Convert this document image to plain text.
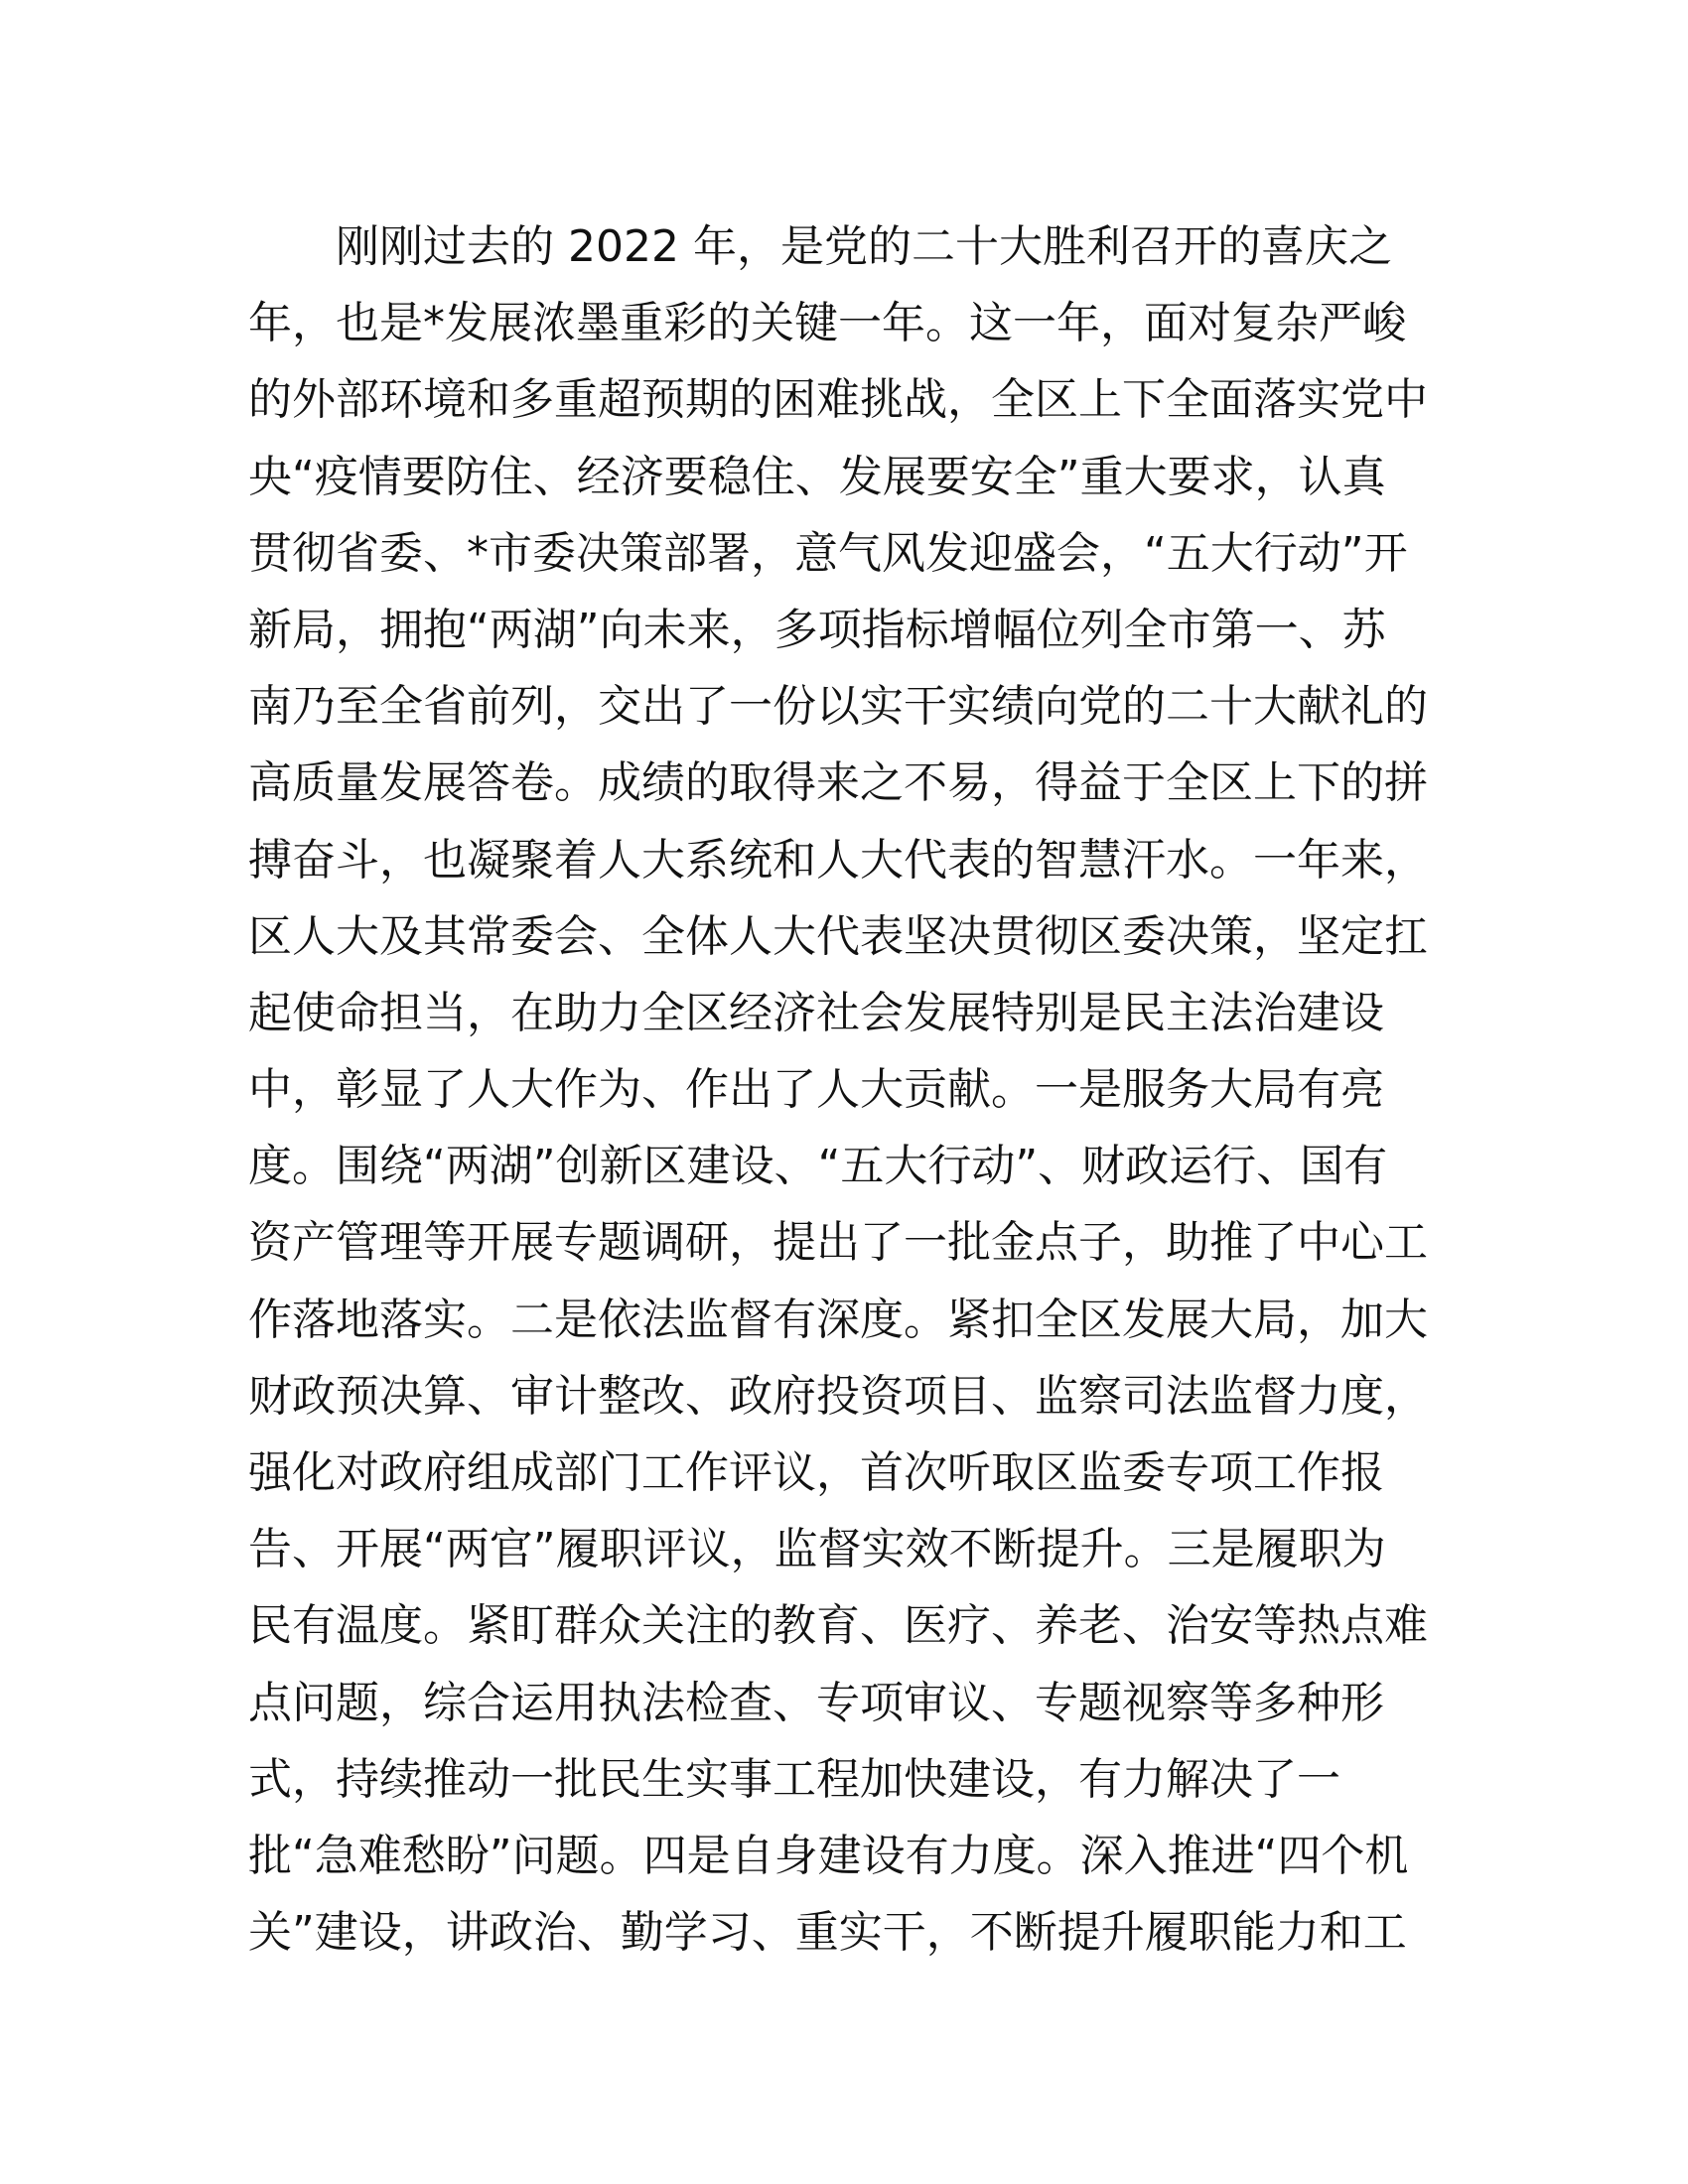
　　刚刚过去的 2022 年，是党的二十大胜利召开的喜庆之
年，也是*发展浓墨重彩的关键一年。这一年，面对复杂严峻
的外部环境和多重超预期的困难挑战，全区上下全面落实党中
央“疫情要防住、经济要稳住、发展要安全”重大要求，认真
贯彻省委、*市委决策部署，意气风发迎盛会，“五大行动”开
新局，拥抱“两湖”向未来，多项指标增幅位列全市第一、苏
南乃至全省前列，交出了一份以实干实绩向党的二十大献礼的
高质量发展答卷。成绩的取得来之不易，得益于全区上下的拼
搏奋斗，也凝聚着人大系统和人大代表的智慧汗水。一年来，
区人大及其常委会、全体人大代表坚决贯彻区委决策，坚定扛
起使命担当，在助力全区经济社会发展特别是民主法治建设
中，彰显了人大作为、作出了人大贡献。一是服务大局有亮
度。围绕“两湖”创新区建设、“五大行动”、财政运行、国有
资产管理等开展专题调研，提出了一批金点子，助推了中心工
作落地落实。二是依法监督有深度。紧扣全区发展大局，加大
财政预决算、审计整改、政府投资项目、监察司法监督力度，
强化对政府组成部门工作评议，首次听取区监委专项工作报
告、开展“两官”履职评议，监督实效不断提升。三是履职为
民有温度。紧盯群众关注的教育、医疗、养老、治安等热点难
点问题，综合运用执法检查、专项审议、专题视察等多种形
式，持续推动一批民生实事工程加快建设，有力解决了一
批“急难愁盼”问题。四是自身建设有力度。深入推进“四个机
关”建设，讲政治、勤学习、重实干，不断提升履职能力和工
